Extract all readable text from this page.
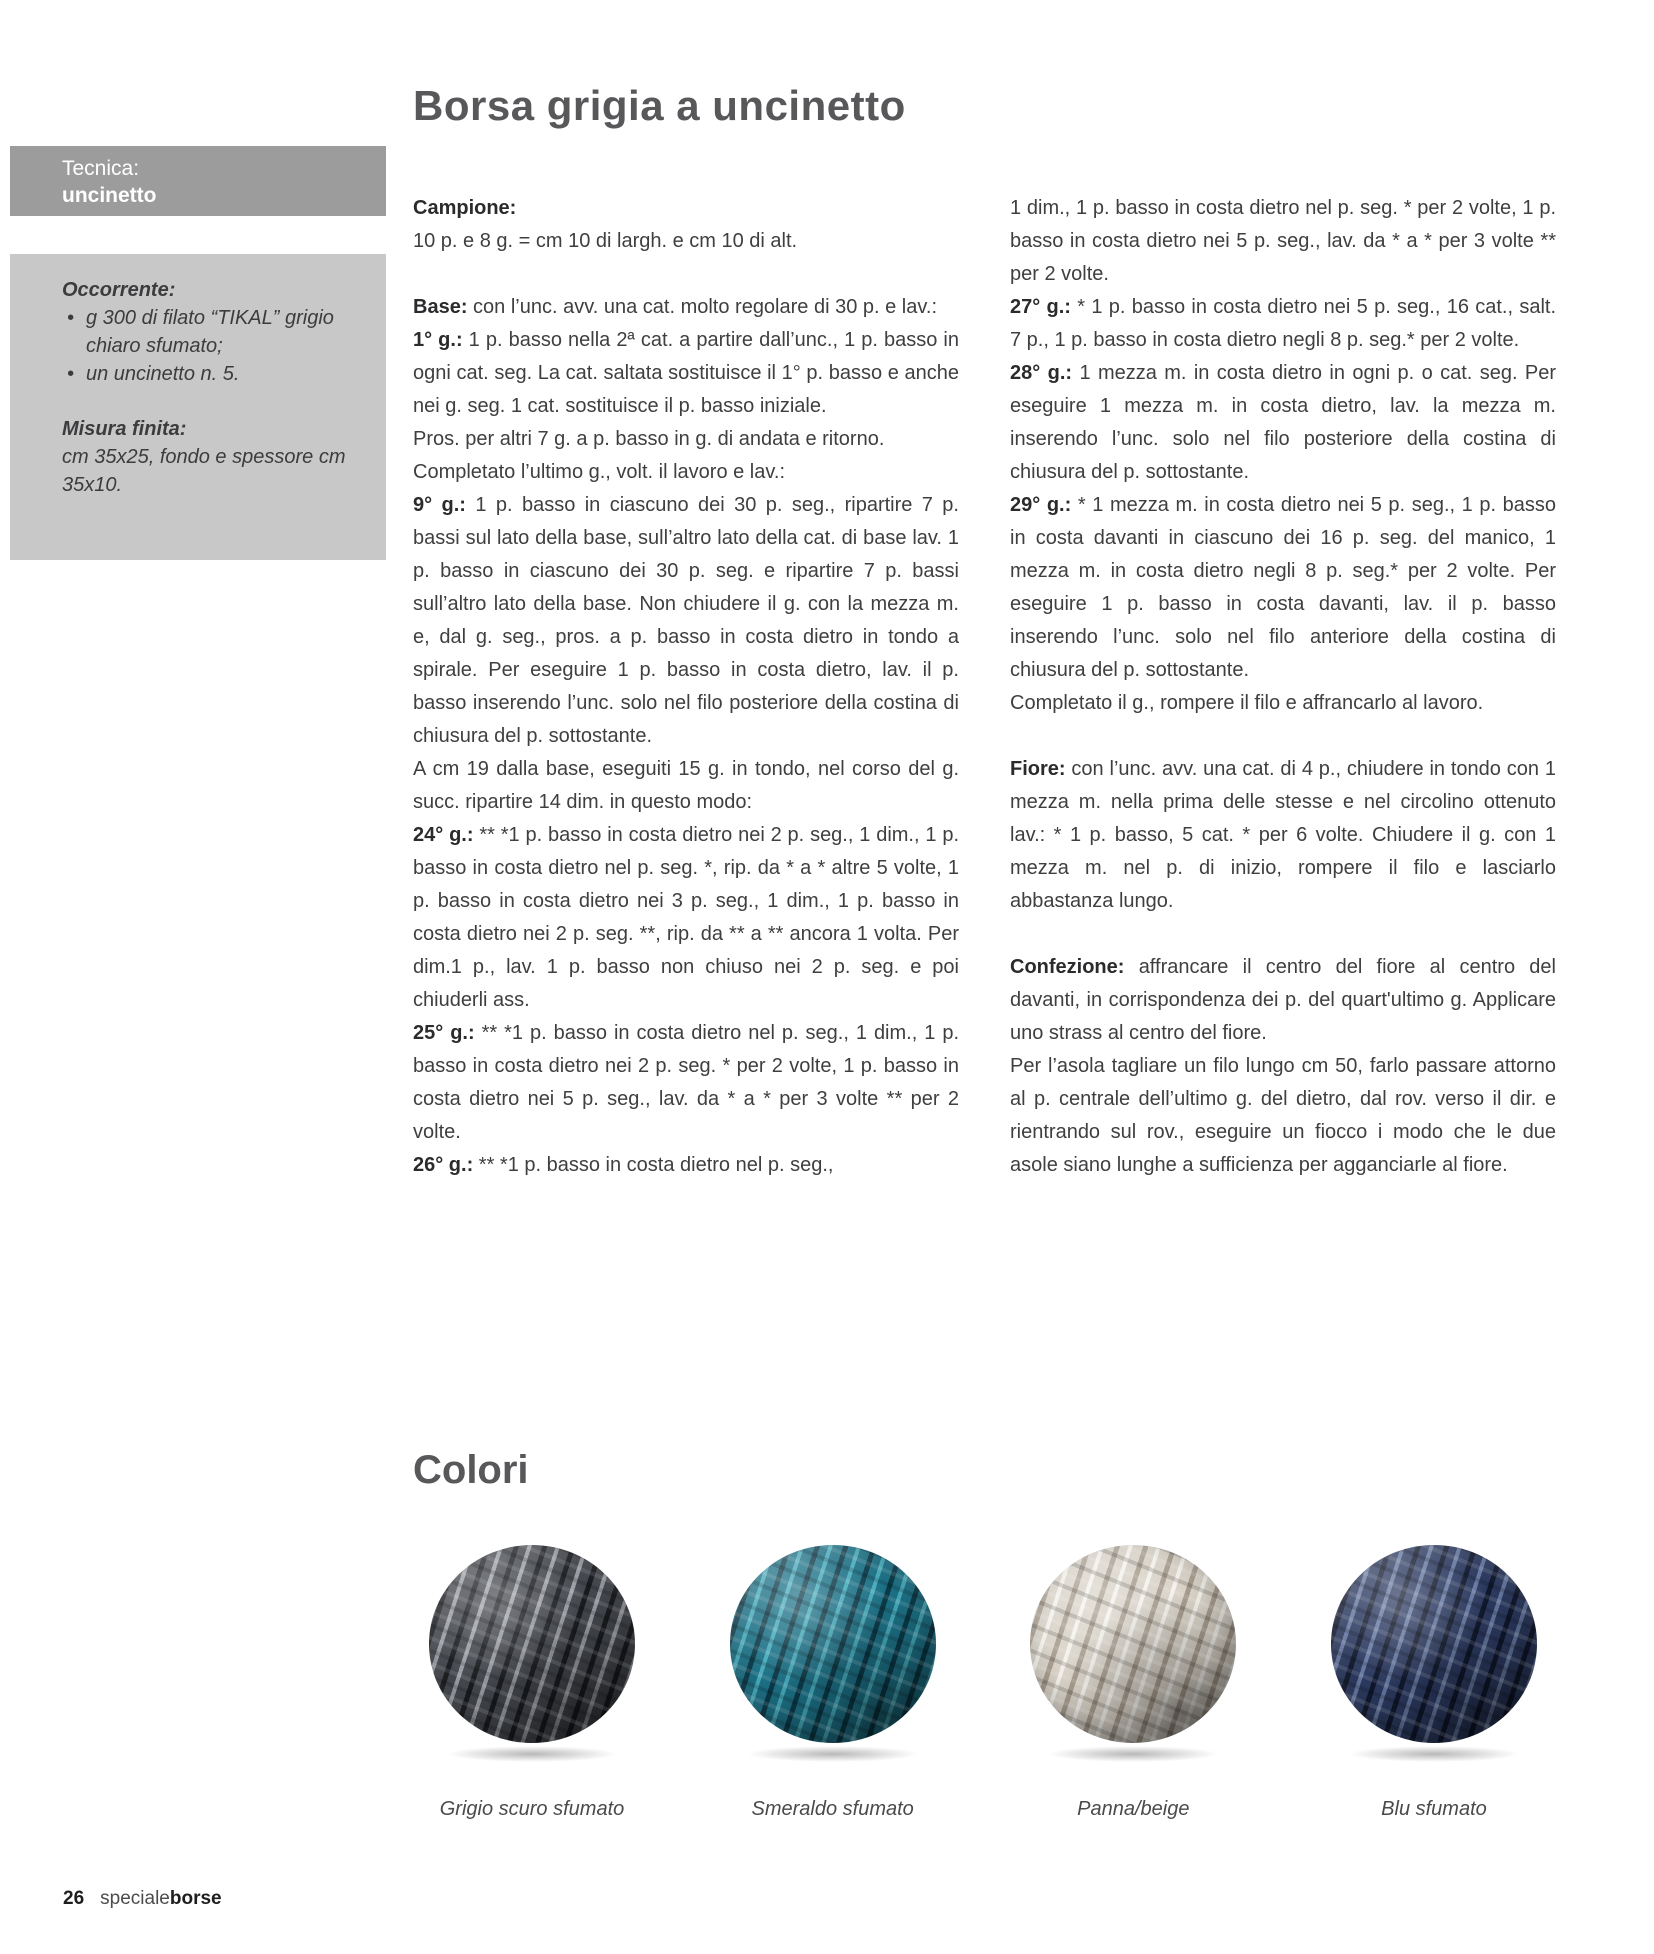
Borsa grigia a uncinetto
Tecnica:
uncinetto
Occorrente:
• g 300 di filato “TIKAL” grigio chiaro sfumato;
• un uncinetto n. 5.
Misura finita:
cm 35x25, fondo e spessore cm 35x10.

Campione:
10 p. e 8 g. = cm 10 di largh. e cm 10 di alt.

Base: con l’unc. avv. una cat. molto regolare di 30 p. e lav.:

1° g.: 1 p. basso nella 2ª cat. a partire dall’unc., 1 p. basso in ogni cat. seg. La cat. saltata sostituisce il 1° p. basso e anche nei g. seg. 1 cat. sostituisce il p. basso iniziale.

Pros. per altri 7 g. a p. basso in g. di andata e ritorno.

Completato l’ultimo g., volt. il lavoro e lav.:

9° g.: 1 p. basso in ciascuno dei 30 p. seg., ripartire 7 p. bassi sul lato della base, sull’altro lato della cat. di base lav. 1 p. basso in ciascuno dei 30 p. seg. e ripartire 7 p. bassi sull’altro lato della base. Non chiudere il g. con la mezza m. e, dal g. seg., pros. a p. basso in costa dietro in tondo a spirale. Per eseguire 1 p. basso in costa dietro, lav. il p. basso inserendo l’unc. solo nel filo posteriore della costina di chiusura del p. sottostante.

A cm 19 dalla base, eseguiti 15 g. in tondo, nel corso del g. succ. ripartire 14 dim. in questo modo:

24° g.: ** *1 p. basso in costa dietro nei 2 p. seg., 1 dim., 1 p. basso in costa dietro nel p. seg. *, rip. da * a * altre 5 volte, 1 p. basso in costa dietro nei 3 p. seg., 1 dim., 1 p. basso in costa dietro nei 2 p. seg. **, rip. da ** a ** ancora 1 volta. Per dim.1 p., lav. 1 p. basso non chiuso nei 2 p. seg. e poi chiuderli ass.

25° g.: ** *1 p. basso in costa dietro nel p. seg., 1 dim., 1 p. basso in costa dietro nei 2 p. seg. * per 2 volte, 1 p. basso in costa dietro nei 5 p. seg., lav. da * a * per 3 volte ** per 2 volte.

26° g.: ** *1 p. basso in costa dietro nel p. seg.,

1 dim., 1 p. basso in costa dietro nel p. seg. * per 2 volte, 1 p. basso in costa dietro nei 5 p. seg., lav. da * a * per 3 volte ** per 2 volte.

27° g.: * 1 p. basso in costa dietro nei 5 p. seg., 16 cat., salt. 7 p., 1 p. basso in costa dietro negli 8 p. seg.* per 2 volte.

28° g.: 1 mezza m. in costa dietro in ogni p. o cat. seg. Per eseguire 1 mezza m. in costa dietro, lav. la mezza m. inserendo l’unc. solo nel filo posteriore della costina di chiusura del p. sottostante.

29° g.: * 1 mezza m. in costa dietro nei 5 p. seg., 1 p. basso in costa davanti in ciascuno dei 16 p. seg. del manico, 1 mezza m. in costa dietro negli 8 p. seg.* per 2 volte. Per eseguire 1 p. basso in costa davanti, lav. il p. basso inserendo l’unc. solo nel filo anteriore della costina di chiusura del p. sottostante.

Completato il g., rompere il filo e affrancarlo al lavoro.

Fiore: con l’unc. avv. una cat. di 4 p., chiudere in tondo con 1 mezza m. nella prima delle stesse e nel circolino ottenuto lav.: * 1 p. basso, 5 cat. * per 6 volte. Chiudere il g. con 1 mezza m. nel p. di inizio, rompere il filo e lasciarlo abbastanza lungo.

Confezione: affrancare il centro del fiore al centro del davanti, in corrispondenza dei p. del quart'ultimo g. Applicare uno strass al centro del fiore.

Per l’asola tagliare un filo lungo cm 50, farlo passare attorno al p. centrale dell’ultimo g. del dietro, dal rov. verso il dir. e rientrando sul rov., eseguire un fiocco i modo che le due asole siano lunghe a sufficienza per agganciarle al fiore.

Colori
Grigio scuro sfumato	Smeraldo sfumato	Panna/beige	Blu sfumato
26 specialeborse
